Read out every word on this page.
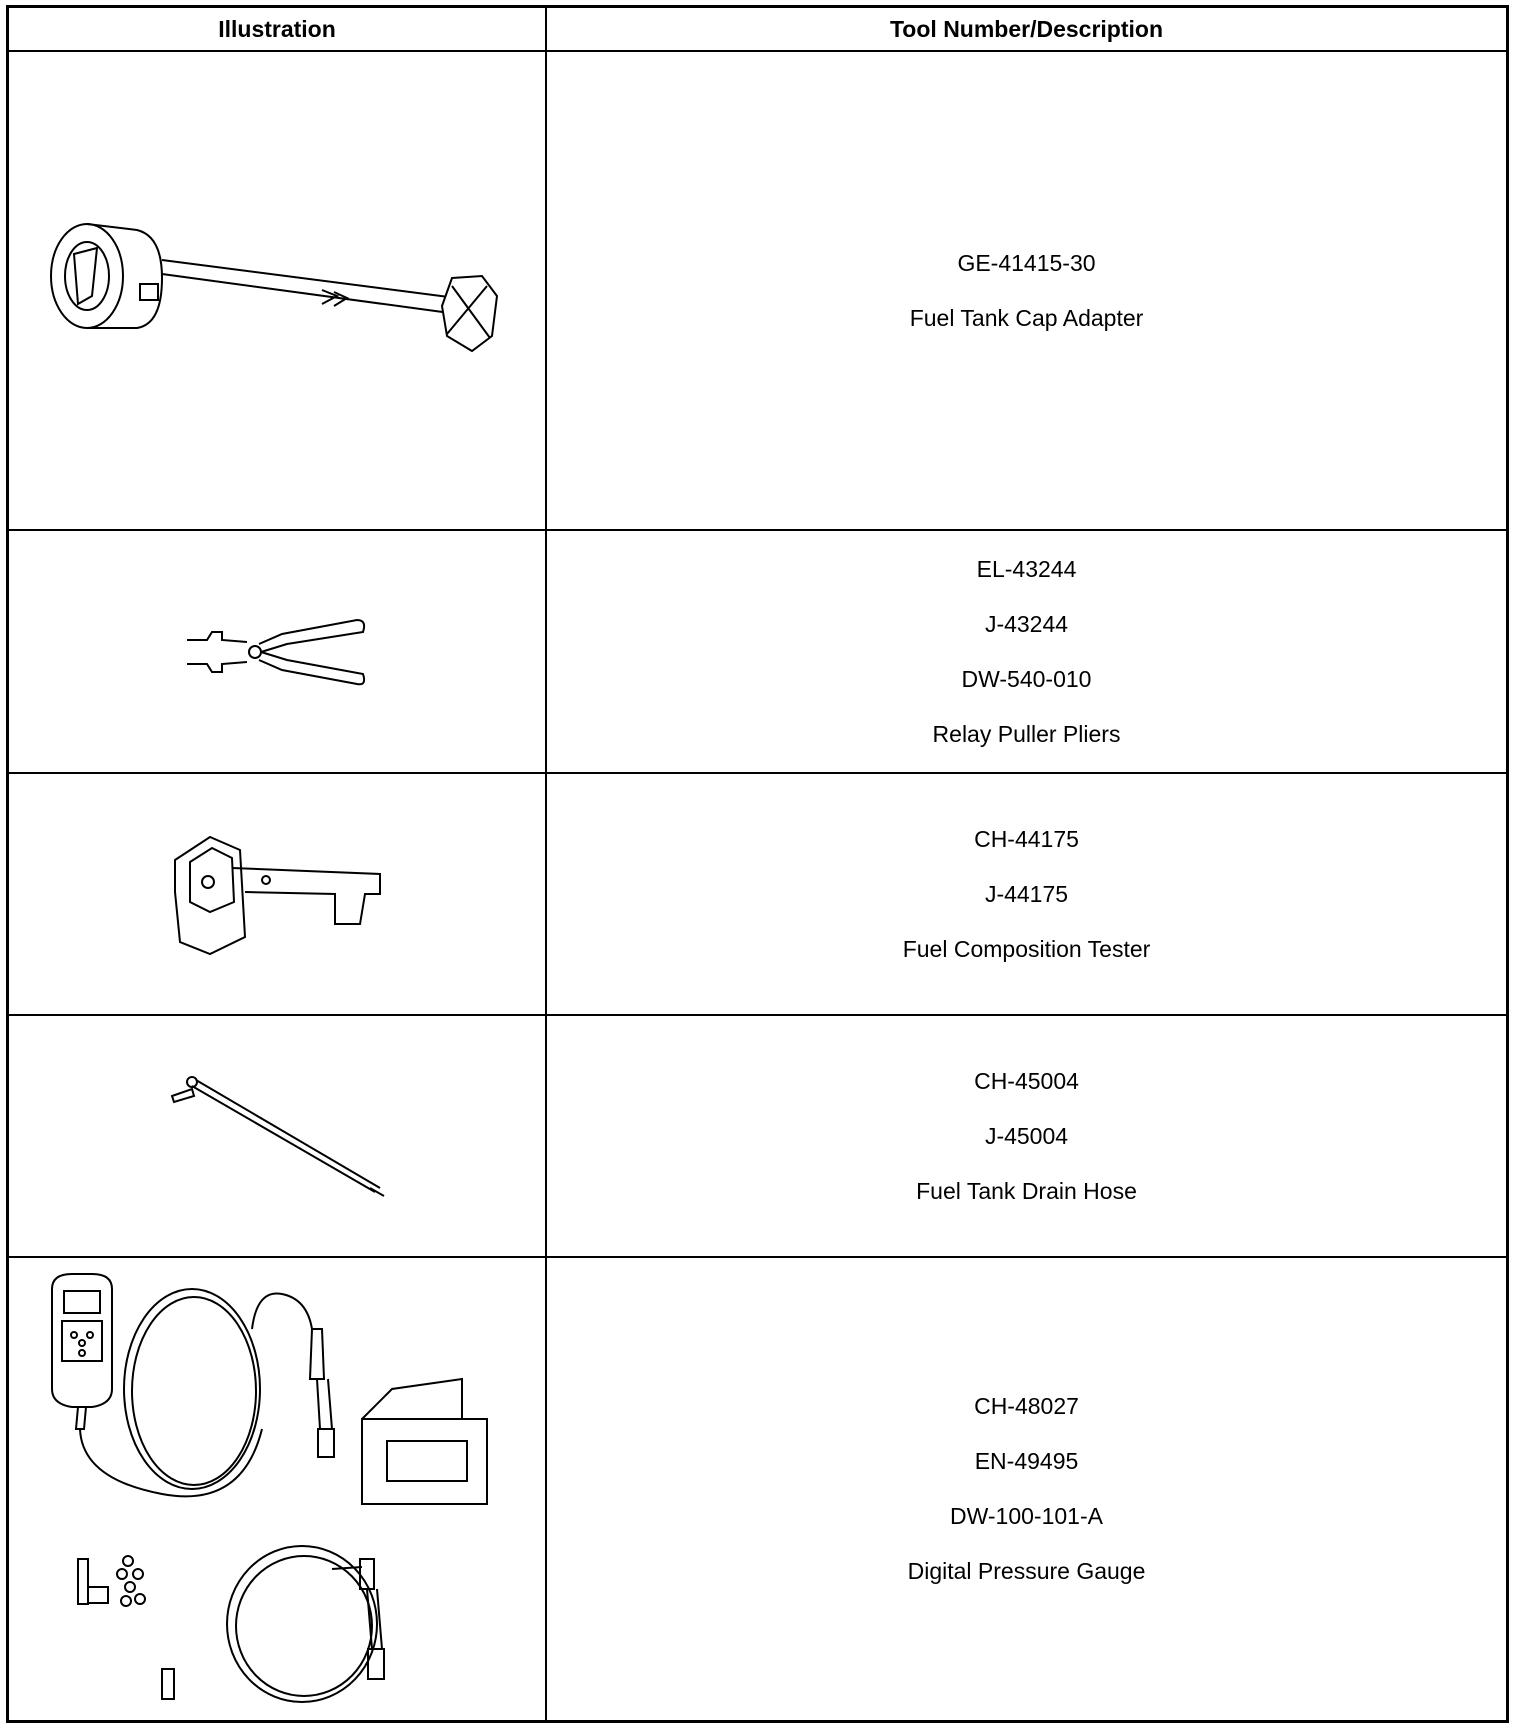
Illustration	Tool Number/Description
GE-41415-30
Fuel Tank Cap Adapter
EL-43244
J-43244
DW-540-010
Relay Puller Pliers
CH-44175
J-44175
Fuel Composition Tester
CH-45004
J-45004
Fuel Tank Drain Hose
CH-48027
EN-49495
DW-100-101-A
Digital Pressure Gauge
